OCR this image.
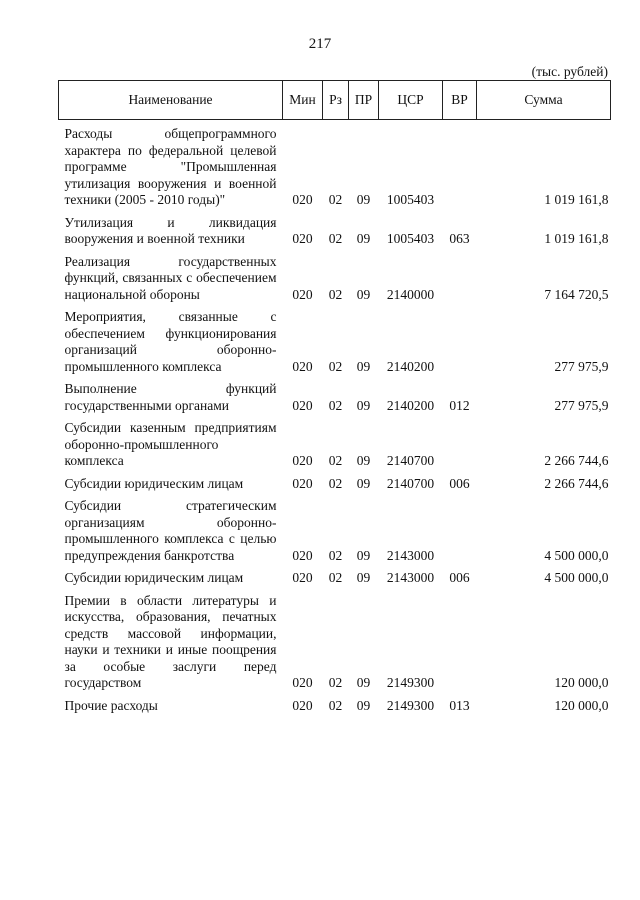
217
(тыс. рублей)
Наименование	Мин	Рз	ПР	ЦСР	ВР	Сумма
Расходы общепрограммного характера по федеральной целевой программе "Промышленная утилизация вооружения и военной техники (2005 - 2010 годы)"	020	02	09	1005403		1 019 161,8
Утилизация и ликвидация вооружения и военной техники	020	02	09	1005403	063	1 019 161,8
Реализация государственных функций, связанных с обеспечением национальной обороны	020	02	09	2140000		7 164 720,5
Мероприятия, связанные с обеспечением функционирования организаций оборонно-промышленного комплекса	020	02	09	2140200		277 975,9
Выполнение функций государственными органами	020	02	09	2140200	012	277 975,9
Субсидии казенным предприятиям оборонно-промышленного комплекса	020	02	09	2140700		2 266 744,6
Субсидии юридическим лицам	020	02	09	2140700	006	2 266 744,6
Субсидии стратегическим организациям оборонно-промышленного комплекса с целью предупреждения банкротства	020	02	09	2143000		4 500 000,0
Субсидии юридическим лицам	020	02	09	2143000	006	4 500 000,0
Премии в области литературы и искусства, образования, печатных средств массовой информации, науки и техники и иные поощрения за особые заслуги перед государством	020	02	09	2149300		120 000,0
Прочие расходы	020	02	09	2149300	013	120 000,0
